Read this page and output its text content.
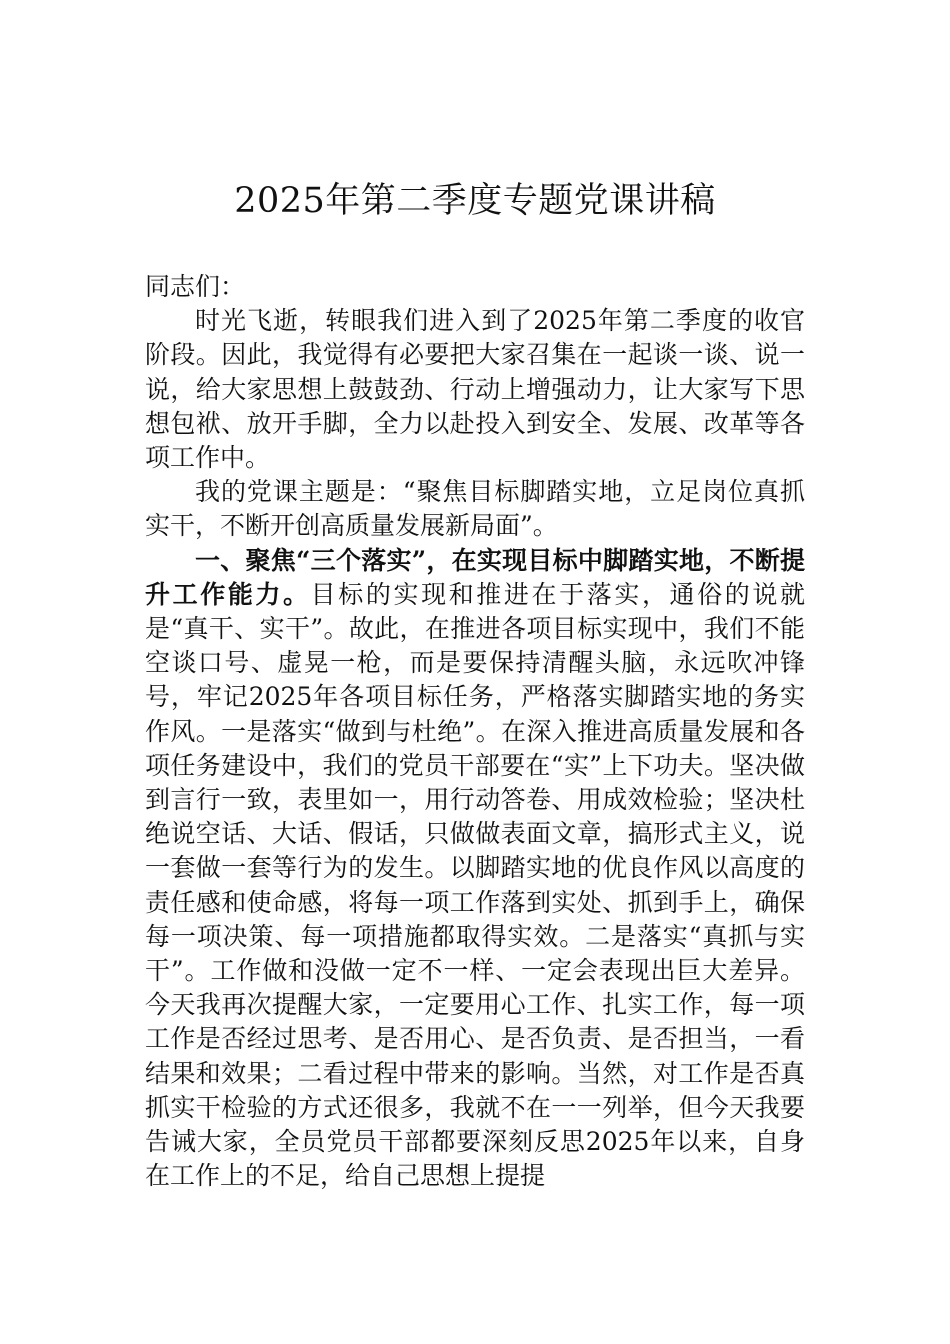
2025年第二季度专题党课讲稿

同志们：

时光飞逝，转眼我们进入到了2025年第二季度的收官阶段。因此，我觉得有必要把大家召集在一起谈一谈、说一说，给大家思想上鼓鼓劲、行动上增强动力，让大家写下思想包袱、放开手脚，全力以赴投入到安全、发展、改革等各项工作中。

我的党课主题是：“聚焦目标脚踏实地，立足岗位真抓实干，不断开创高质量发展新局面”。

一、聚焦“三个落实”，在实现目标中脚踏实地，不断提升工作能力。目标的实现和推进在于落实，通俗的说就是“真干、实干”。故此，在推进各项目标实现中，我们不能空谈口号、虚晃一枪，而是要保持清醒头脑，永远吹冲锋号，牢记2025年各项目标任务，严格落实脚踏实地的务实作风。一是落实“做到与杜绝”。在深入推进高质量发展和各项任务建设中，我们的党员干部要在“实”上下功夫。坚决做到言行一致，表里如一，用行动答卷、用成效检验；坚决杜绝说空话、大话、假话，只做做表面文章，搞形式主义，说一套做一套等行为的发生。以脚踏实地的优良作风以高度的责任感和使命感，将每一项工作落到实处、抓到手上，确保每一项决策、每一项措施都取得实效。二是落实“真抓与实干”。工作做和没做一定不一样、一定会表现出巨大差异。今天我再次提醒大家，一定要用心工作、扎实工作，每一项工作是否经过思考、是否用心、是否负责、是否担当，一看结果和效果；二看过程中带来的影响。当然，对工作是否真抓实干检验的方式还很多，我就不在一一列举，但今天我要告诫大家，全员党员干部都要深刻反思2025年以来，自身在工作上的不足，给自己思想上提提
